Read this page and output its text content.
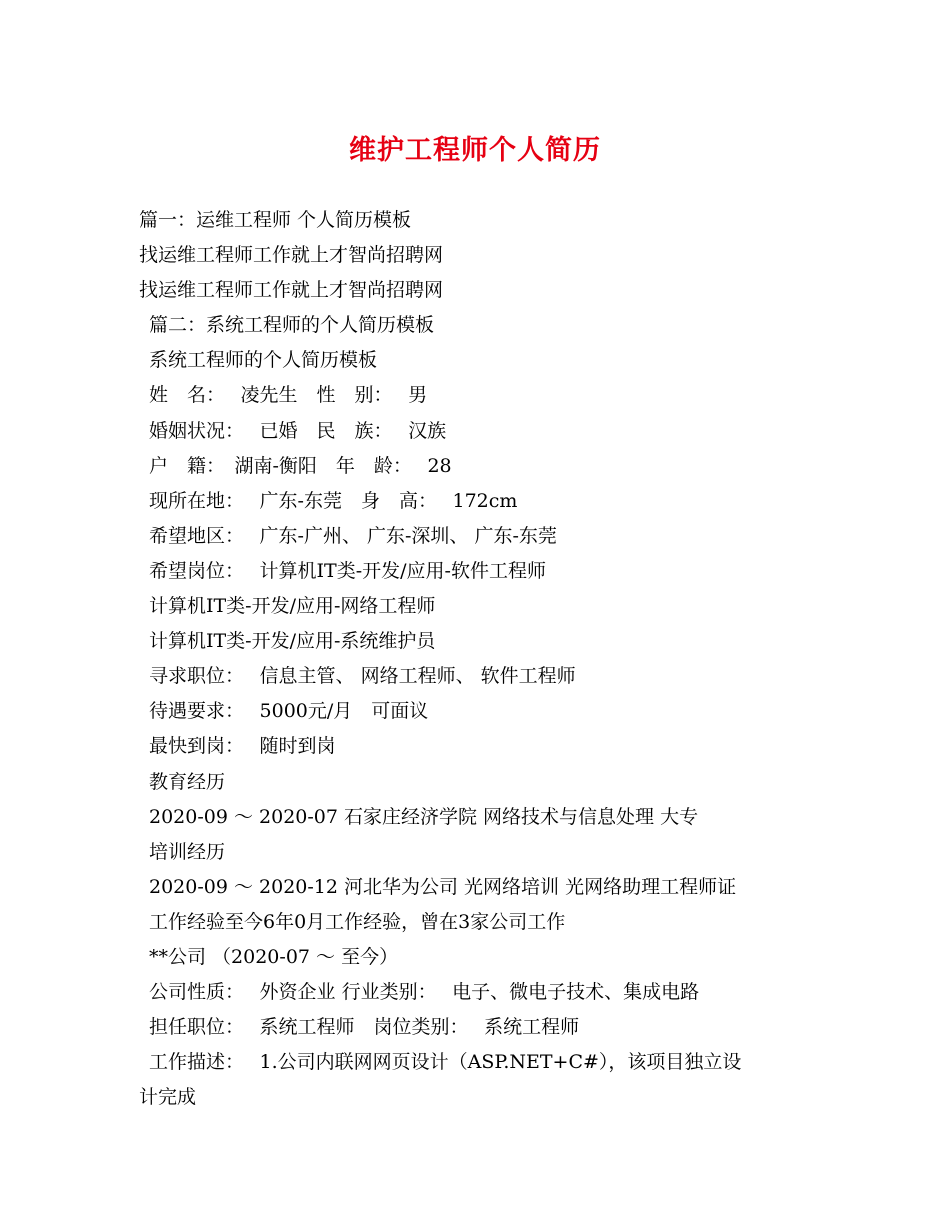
维护工程师个人简历
篇一：运维工程师 个人简历模板
找运维工程师工作就上才智尚招聘网
找运维工程师工作就上才智尚招聘网
篇二：系统工程师的个人简历模板
系统工程师的个人简历模板
姓　名：　 凌先生　性　别：　 男
婚姻状况：　 已婚　民　族：　 汉族
户　籍：　湖南-衡阳　年　龄：　 28
现所在地：　 广东-东莞　身　高：　 172cm
希望地区：　 广东-广州、 广东-深圳、 广东-东莞
希望岗位：　 计算机IT类-开发/应用-软件工程师
计算机IT类-开发/应用-网络工程师
计算机IT类-开发/应用-系统维护员
寻求职位：　 信息主管、 网络工程师、 软件工程师
待遇要求：　 5000元/月　可面议
最快到岗：　 随时到岗
教育经历
2020-09 ～ 2020-07 石家庄经济学院 网络技术与信息处理 大专
培训经历
2020-09 ～ 2020-12 河北华为公司 光网络培训 光网络助理工程师证
工作经验至今6年0月工作经验，曾在3家公司工作
**公司 （2020-07 ～ 至今）
公司性质：　 外资企业 行业类别：　 电子、微电子技术、集成电路
担任职位：　 系统工程师　岗位类别：　 系统工程师
工作描述：　 1.公司内联网网页设计（ASP.NET+C#），该项目独立设
计完成
